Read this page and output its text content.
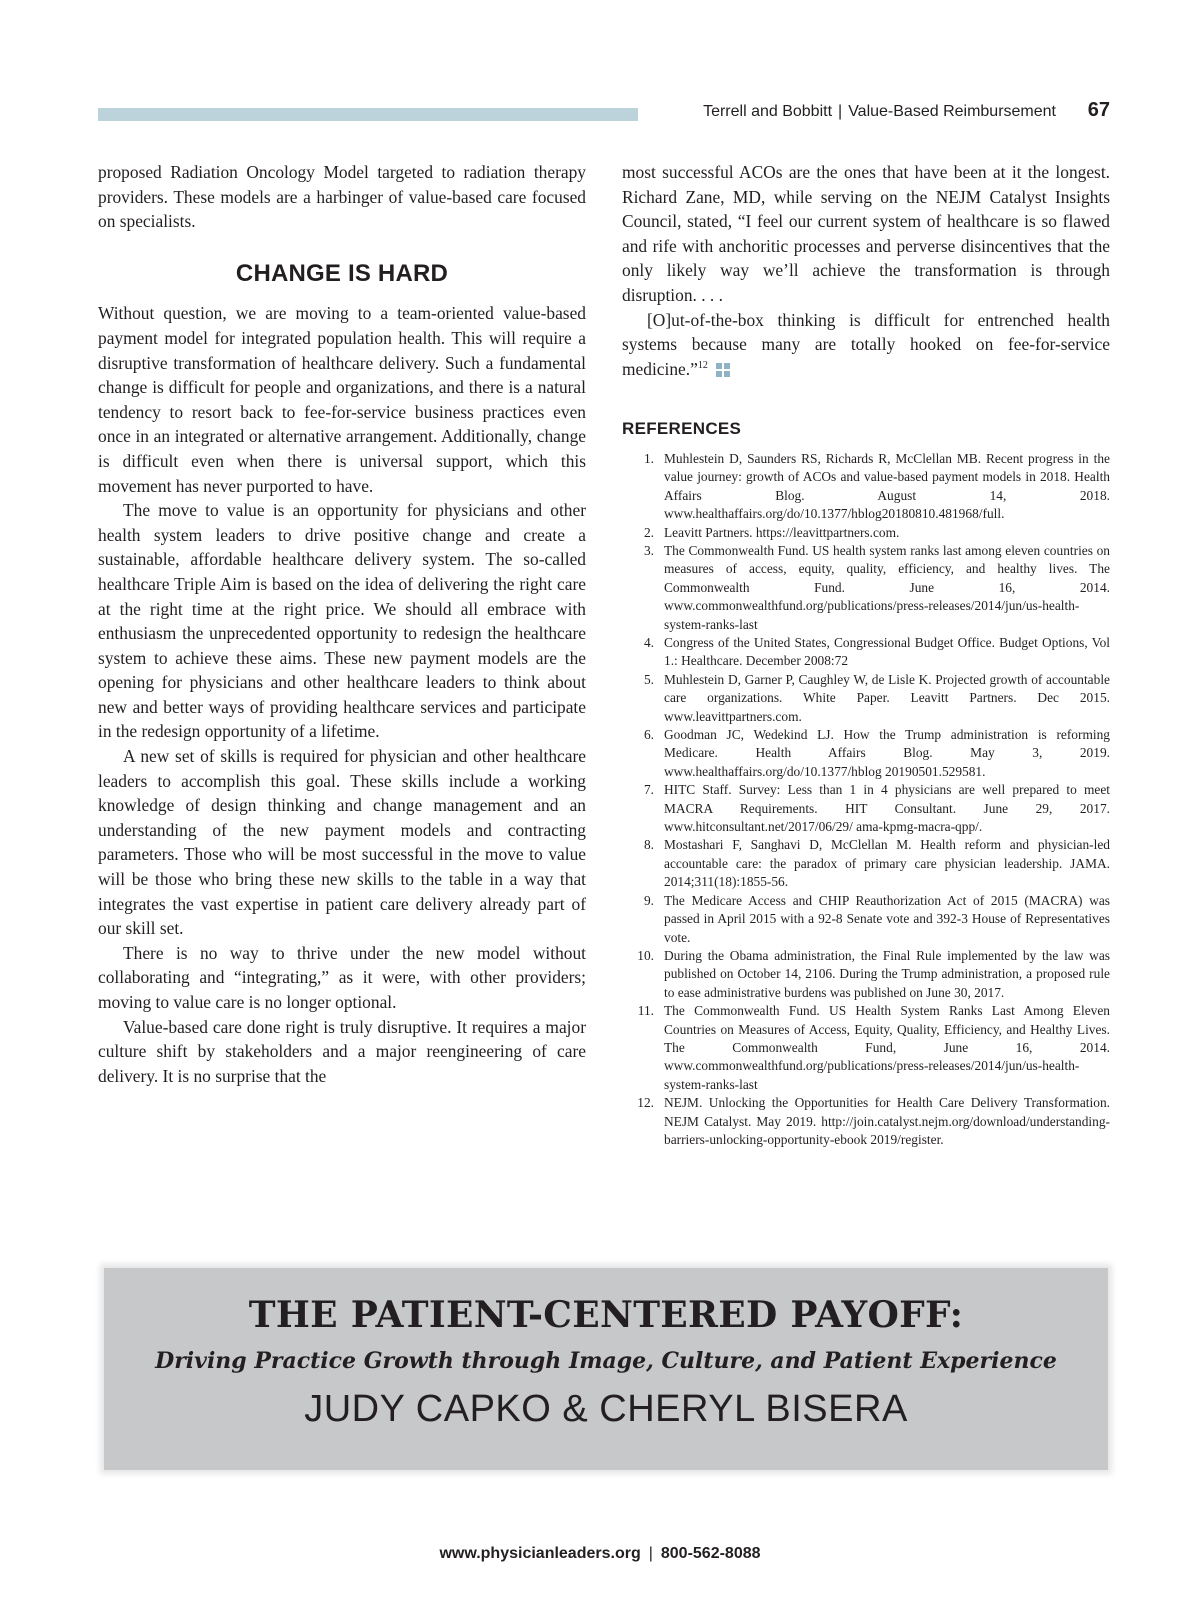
Terrell and Bobbitt | Value-Based Reimbursement 67

proposed Radiation Oncology Model targeted to radiation therapy providers. These models are a harbinger of value-based care focused on specialists.

CHANGE IS HARD

Without question, we are moving to a team-oriented value-based payment model for integrated population health. This will require a disruptive transformation of healthcare delivery. Such a fundamental change is difficult for people and organizations, and there is a natural tendency to resort back to fee-for-service business practices even once in an integrated or alternative arrangement. Additionally, change is difficult even when there is universal support, which this movement has never purported to have.

The move to value is an opportunity for physicians and other health system leaders to drive positive change and create a sustainable, affordable healthcare delivery system. The so-called healthcare Triple Aim is based on the idea of delivering the right care at the right time at the right price. We should all embrace with enthusiasm the unprecedented opportunity to redesign the healthcare system to achieve these aims. These new payment models are the opening for physicians and other healthcare leaders to think about new and better ways of providing healthcare services and participate in the redesign opportunity of a lifetime.

A new set of skills is required for physician and other healthcare leaders to accomplish this goal. These skills include a working knowledge of design thinking and change management and an understanding of the new payment models and contracting parameters. Those who will be most successful in the move to value will be those who bring these new skills to the table in a way that integrates the vast expertise in patient care delivery already part of our skill set.

There is no way to thrive under the new model without collaborating and “integrating,” as it were, with other providers; moving to value care is no longer optional.

Value-based care done right is truly disruptive. It requires a major culture shift by stakeholders and a major reengineering of care delivery. It is no surprise that the

most successful ACOs are the ones that have been at it the longest. Richard Zane, MD, while serving on the NEJM Catalyst Insights Council, stated, “I feel our current system of healthcare is so flawed and rife with anchoritic processes and perverse disincentives that the only likely way we’ll achieve the transformation is through disruption. . . .

[O]ut-of-the-box thinking is difficult for entrenched health systems because many are totally hooked on fee-for-service medicine.”$^{12}$

REFERENCES
1. Muhlestein D, Saunders RS, Richards R, McClellan MB. Recent progress in the value journey: growth of ACOs and value-based payment models in 2018. Health Affairs Blog. August 14, 2018. www.healthaffairs.org/do/10.1377/hblog20180810.481968/full.
2. Leavitt Partners. https://leavittpartners.com.
3. The Commonwealth Fund. US health system ranks last among eleven countries on measures of access, equity, quality, efficiency, and healthy lives. The Commonwealth Fund. June 16, 2014. www.commonwealthfund.org/publications/press-releases/2014/jun/us-health-system-ranks-last
4. Congress of the United States, Congressional Budget Office. Budget Options, Vol 1.: Healthcare. December 2008:72
5. Muhlestein D, Garner P, Caughley W, de Lisle K. Projected growth of accountable care organizations. White Paper. Leavitt Partners. Dec 2015. www.leavittpartners.com.
6. Goodman JC, Wedekind LJ. How the Trump administration is reforming Medicare. Health Affairs Blog. May 3, 2019. www.healthaffairs.org/do/10.1377/hblog 20190501.529581.
7. HITC Staff. Survey: Less than 1 in 4 physicians are well prepared to meet MACRA Requirements. HIT Consultant. June 29, 2017. www.hitconsultant.net/2017/06/29/ ama-kpmg-macra-qpp/.
8. Mostashari F, Sanghavi D, McClellan M. Health reform and physician-led accountable care: the paradox of primary care physician leadership. JAMA. 2014;311(18):1855-56.
9. The Medicare Access and CHIP Reauthorization Act of 2015 (MACRA) was passed in April 2015 with a 92-8 Senate vote and 392-3 House of Representatives vote.
10. During the Obama administration, the Final Rule implemented by the law was published on October 14, 2106. During the Trump administration, a proposed rule to ease administrative burdens was published on June 30, 2017.
11. The Commonwealth Fund. US Health System Ranks Last Among Eleven Countries on Measures of Access, Equity, Quality, Efficiency, and Healthy Lives. The Commonwealth Fund, June 16, 2014. www.commonwealthfund.org/publications/press-releases/2014/jun/us-health-system-ranks-last
12. NEJM. Unlocking the Opportunities for Health Care Delivery Transformation. NEJM Catalyst. May 2019. http://join.catalyst.nejm.org/download/understanding-barriers-unlocking-opportunity-ebook 2019/register.
THE PATIENT-CENTERED PAYOFF:
Driving Practice Growth through Image, Culture, and Patient Experience
JUDY CAPKO & CHERYL BISERA
www.physicianleaders.org | 800-562-8088
